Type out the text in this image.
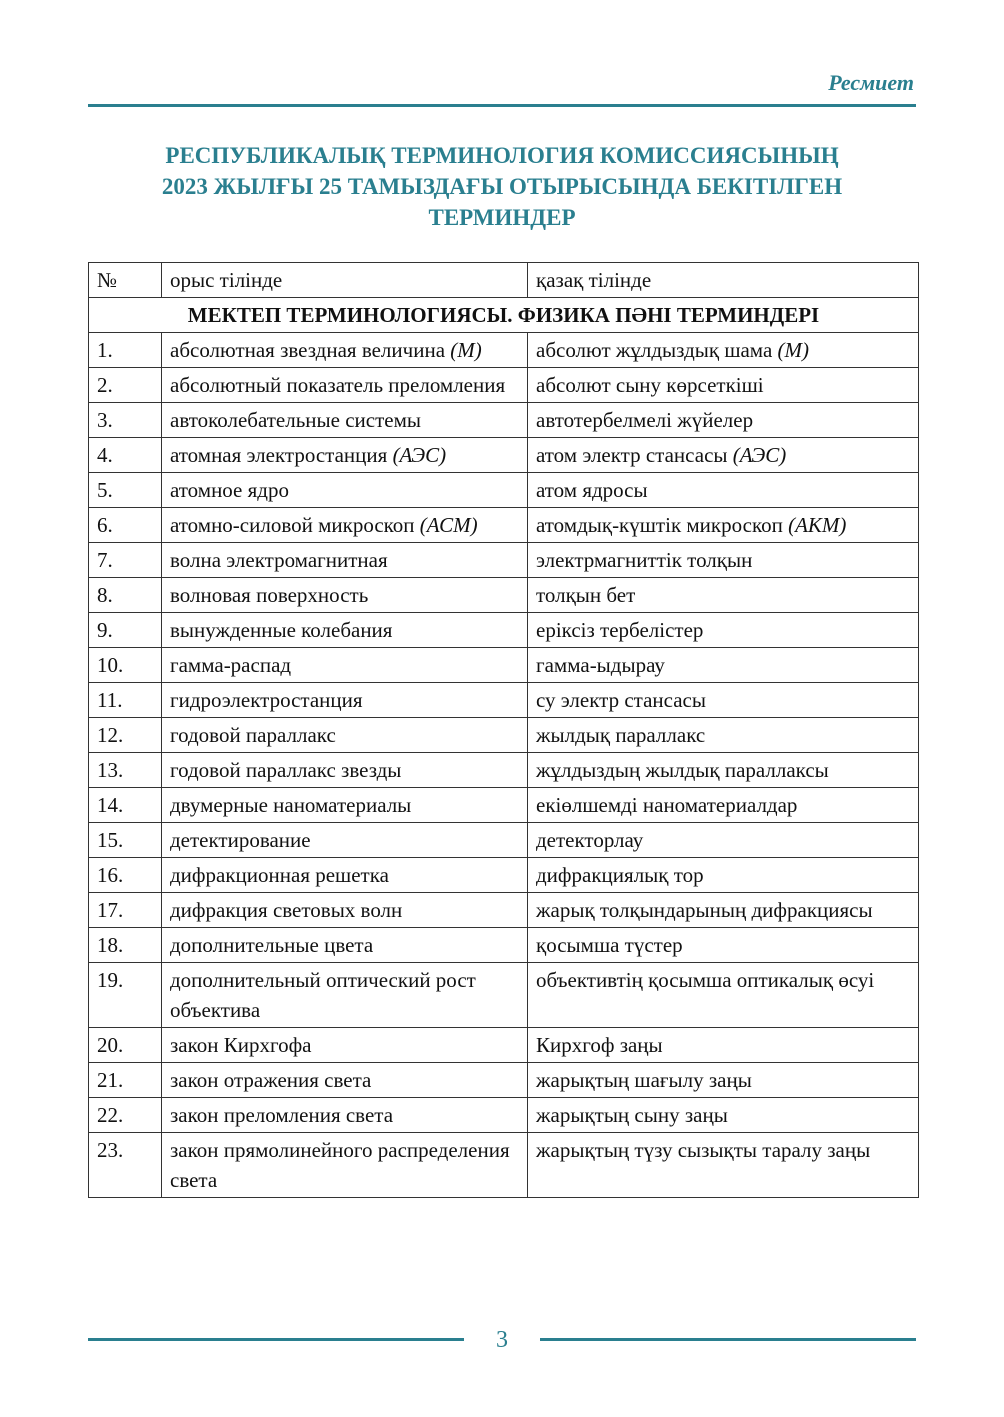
Ресмиет
РЕСПУБЛИКАЛЫҚ ТЕРМИНОЛОГИЯ КОМИССИЯСЫНЫҢ
2023 ЖЫЛҒЫ 25 ТАМЫЗДАҒЫ ОТЫРЫСЫНДА БЕКІТІЛГЕН
ТЕРМИНДЕР
№	орыс тілінде	қазақ тілінде
МЕКТЕП ТЕРМИНОЛОГИЯСЫ. ФИЗИКА ПӘНІ ТЕРМИНДЕРІ		
1.	абсолютная звездная величина (M)	абсолют жұлдыздық шама (M)
2.	абсолютный показатель преломления	абсолют сыну көрсеткіші
3.	автоколебательные системы	автотербелмелі жүйелер
4.	атомная электростанция (АЭС)	атом электр стансасы (АЭС)
5.	атомное ядро	атом ядросы
6.	атомно-силовой микроскоп (АСМ)	атомдық-күштік микроскоп (АКМ)
7.	волна электромагнитная	электрмагниттік толқын
8.	волновая поверхность	толқын бет
9.	вынужденные колебания	еріксіз тербелістер
10.	гамма-распад	гамма-ыдырау
11.	гидроэлектростанция	су электр стансасы
12.	годовой параллакс	жылдық параллакс
13.	годовой параллакс звезды	жұлдыздың жылдық параллаксы
14.	двумерные наноматериалы	екіөлшемді наноматериалдар
15.	детектирование	детекторлау
16.	дифракционная решетка	дифракциялық тор
17.	дифракция световых волн	жарық толқындарының дифракциясы
18.	дополнительные цвета	қосымша түстер
19.	дополнительный оптический рост объектива	объективтің қосымша оптикалық өсуі
20.	закон Кирхгофа	Кирхгоф заңы
21.	закон отражения света	жарықтың шағылу заңы
22.	закон преломления света	жарықтың сыну заңы
23.	закон прямолинейного распределения света	жарықтың түзу сызықты таралу заңы
3
